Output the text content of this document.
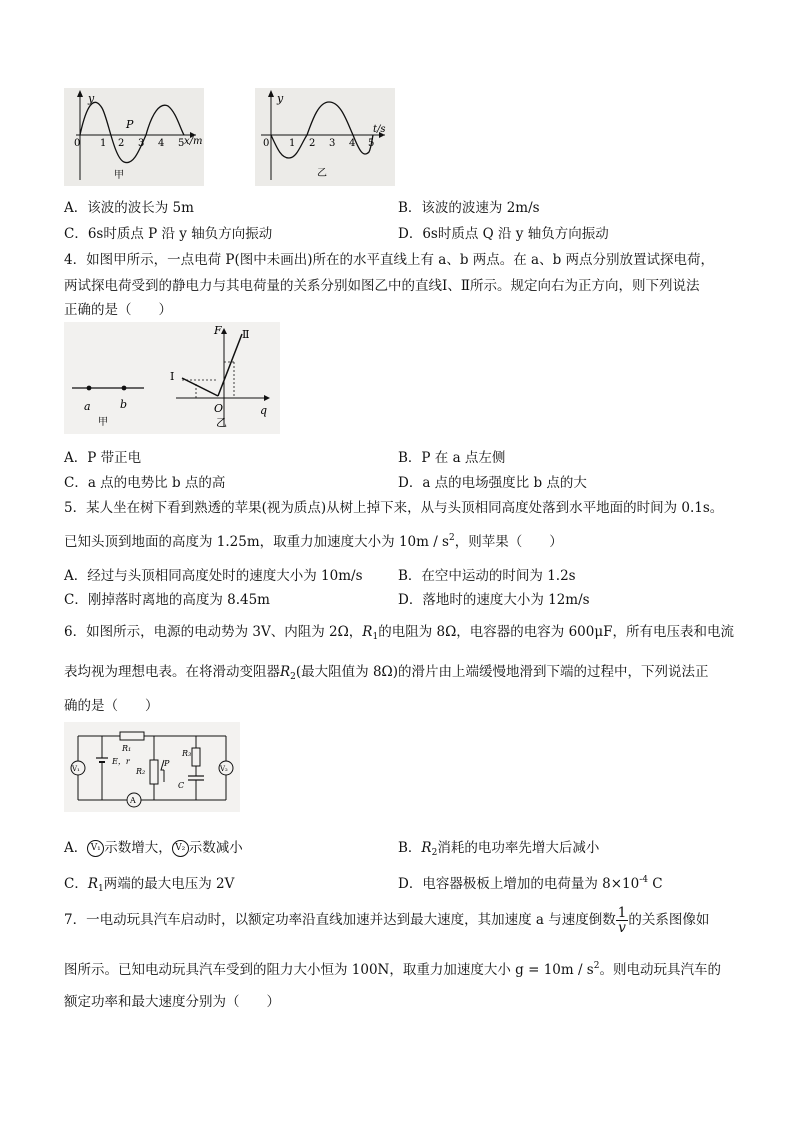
y
x/m
P
0 1 2 3 4 5
甲
y
t/s
0 1 2 3 4 5
乙
A．该波的波长为 5m	B．该波的波速为 2m/s
C．6s时质点 P 沿 y 轴负方向振动	D．6s时质点 Q 沿 y 轴负方向振动
4．如图甲所示，一点电荷 P(图中未画出)所在的水平直线上有 a、b 两点。在 a、b 两点分别放置试探电荷，
两试探电荷受到的静电力与其电荷量的关系分别如图乙中的直线Ⅰ、Ⅱ所示。规定向右为正方向，则下列说法
正确的是（　　）
a	b
甲
F Ⅱ
I
O	q
乙
A．P 带正电	B．P 在 a 点左侧
C．a 点的电势比 b 点的高	D．a 点的电场强度比 b 点的大
5．某人坐在树下看到熟透的苹果(视为质点)从树上掉下来，从与头顶相同高度处落到水平地面的时间为 0.1s。
已知头顶到地面的高度为 1.25m，取重力加速度大小为 $10m / s^2$，则苹果（　　）
A．经过与头顶相同高度处时的速度大小为 10m/s	B．在空中运动的时间为 1.2s
C．刚掉落时离地的高度为 8.45m	D．落地时的速度大小为 12m/s
6．如图所示，电源的电动势为 3V、内阻为 2Ω，$R_1$的电阻为 8Ω，电容器的电容为 600μF，所有电压表和电流
表均视为理想电表。在将滑动变阻器$R_2$(最大阻值为 8Ω)的滑片由上端缓慢地滑到下端的过程中，下列说法正
确的是（　　）
R₁
E，r
R₂
P
R₃
C
V₁	V₂
A
A． V₁ 示数增大， V₂ 示数减小	B．$R_2$消耗的电功率先增大后减小
C．$R_1$两端的最大电压为 2V	D．电容器极板上增加的电荷量为 $8\times 10^{-4}$ C
7．一电动玩具汽车启动时，以额定功率沿直线加速并达到最大速度，其加速度 a 与速度倒数 $\frac{1}{v}$的关系图像如
图所示。已知电动玩具汽车受到的阻力大小恒为 100N，取重力加速度大小 $g = 10m / s^2$。则电动玩具汽车的
额定功率和最大速度分别为（　　）
